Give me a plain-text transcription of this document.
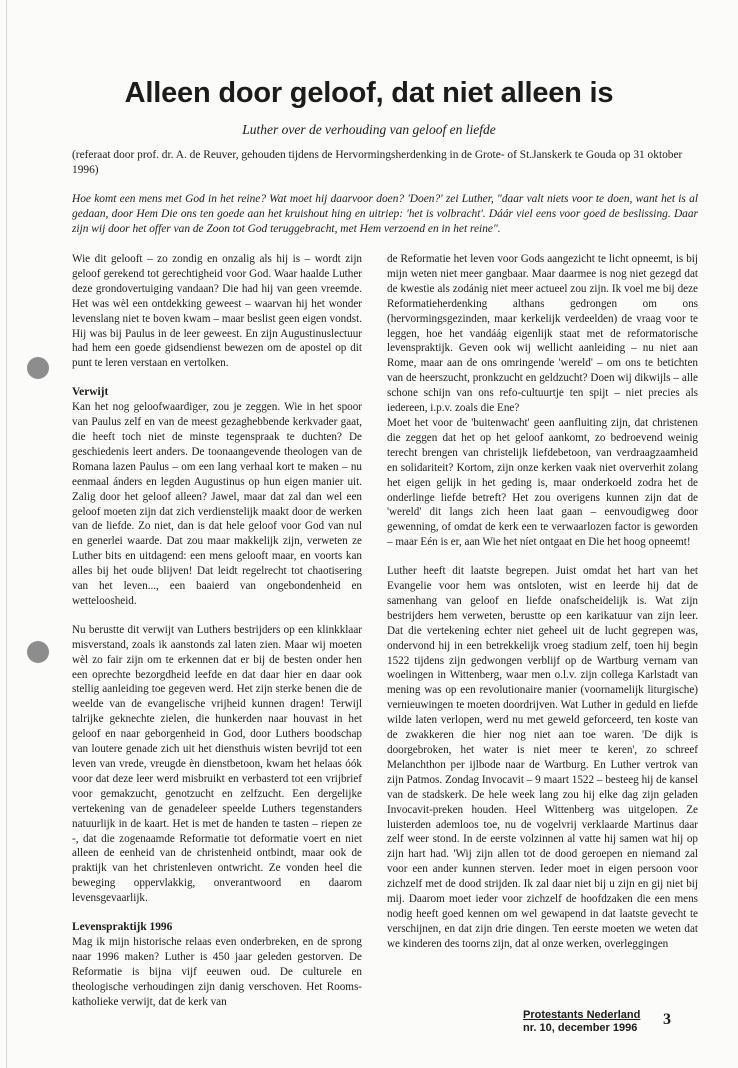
Alleen door geloof, dat niet alleen is

Luther over de verhouding van geloof en liefde

(referaat door prof. dr. A. de Reuver, gehouden tijdens de Hervormingsherdenking in de Grote- of St.Janskerk te Gouda op 31 oktober 1996)

Hoe komt een mens met God in het reine? Wat moet hij daarvoor doen? 'Doen?' zei Luther, "daar valt niets voor te doen, want het is al gedaan, door Hem Die ons ten goede aan het kruishout hing en uitriep: 'het is volbracht'. Dáár viel eens voor goed de beslissing. Daar zijn wij door het offer van de Zoon tot God teruggebracht, met Hem verzoend en in het reine".

Wie dit gelooft – zo zondig en onzalig als hij is – wordt zijn geloof gerekend tot gerechtigheid voor God. Waar haalde Luther deze grondovertuiging vandaan? Die had hij van geen vreemde. Het was wèl een ontdekking geweest – waarvan hij het wonder levenslang niet te boven kwam – maar beslist geen eigen vondst. Hij was bij Paulus in de leer geweest. En zijn Augustinuslectuur had hem een goede gidsendienst bewezen om de apostel op dit punt te leren verstaan en vertolken.

Verwijt

Kan het nog geloofwaardiger, zou je zeggen. Wie in het spoor van Paulus zelf en van de meest gezaghebbende kerkvader gaat, die heeft toch niet de minste tegenspraak te duchten? De geschiedenis leert anders. De toonaangevende theologen van de Romana lazen Paulus – om een lang verhaal kort te maken – nu eenmaal ánders en legden Augustinus op hun eigen manier uit. Zalig door het geloof alleen? Jawel, maar dat zal dan wel een geloof moeten zijn dat zich verdienstelijk maakt door de werken van de liefde. Zo niet, dan is dat hele geloof voor God van nul en generlei waarde. Dat zou maar makkelijk zijn, verweten ze Luther bits en uitdagend: een mens gelooft maar, en voorts kan alles bij het oude blijven! Dat leidt regelrecht tot chaotisering van het leven..., een baaierd van ongebondenheid en wetteloosheid.

Nu berustte dit verwijt van Luthers bestrijders op een klinkklaar misverstand, zoals ik aanstonds zal laten zien. Maar wij moeten wèl zo fair zijn om te erkennen dat er bij de besten onder hen een oprechte bezorgdheid leefde en dat daar hier en daar ook stellig aanleiding toe gegeven werd. Het zijn sterke benen die de weelde van de evangelische vrijheid kunnen dragen! Terwijl talrijke geknechte zielen, die hunkerden naar houvast in het geloof en naar geborgenheid in God, door Luthers boodschap van loutere genade zich uit het diensthuis wisten bevrijd tot een leven van vrede, vreugde èn dienstbetoon, kwam het helaas óók voor dat deze leer werd misbruikt en verbasterd tot een vrijbrief voor gemakzucht, genotzucht en zelfzucht. Een dergelijke vertekening van de genadeleer speelde Luthers tegenstanders natuurlijk in de kaart. Het is met de handen te tasten – riepen ze -, dat die zogenaamde Reformatie tot deformatie voert en niet alleen de eenheid van de christenheid ontbindt, maar ook de praktijk van het christenleven ontwricht. Ze vonden heel die beweging oppervlakkig, onverantwoord en daarom levensgevaarlijk.

Levenspraktijk 1996

Mag ik mijn historische relaas even onderbreken, en de sprong naar 1996 maken? Luther is 450 jaar geleden gestorven. De Reformatie is bijna vijf eeuwen oud. De culturele en theologische verhoudingen zijn danig verschoven. Het Rooms-katholieke verwijt, dat de kerk van

de Reformatie het leven voor Gods aangezicht te licht opneemt, is bij mijn weten niet meer gangbaar. Maar daarmee is nog niet gezegd dat de kwestie als zodánig niet meer actueel zou zijn. Ik voel me bij deze Reformatieherdenking althans gedrongen om ons (hervormingsgezinden, maar kerkelijk verdeelden) de vraag voor te leggen, hoe het vandáág eigenlijk staat met de reformatorische levenspraktijk. Geven ook wij wellicht aanleiding – nu niet aan Rome, maar aan de ons omringende 'wereld' – om ons te betichten van de heerszucht, pronkzucht en geldzucht? Doen wij dikwijls – alle schone schijn van ons refo-cultuurtje ten spijt – niet precies als iedereen, i.p.v. zoals die Ene?

Moet het voor de 'buitenwacht' geen aanfluiting zijn, dat christenen die zeggen dat het op het geloof aankomt, zo bedroevend weinig terecht brengen van christelijk liefdebetoon, van verdraagzaamheid en solidariteit? Kortom, zijn onze kerken vaak niet oververhit zolang het eigen gelijk in het geding is, maar onderkoeld zodra het de onderlinge liefde betreft? Het zou overigens kunnen zijn dat de 'wereld' dit langs zich heen laat gaan – eenvoudigweg door gewenning, of omdat de kerk een te verwaarlozen factor is geworden – maar Eén is er, aan Wie het níet ontgaat en Die het hoog opneemt!

Luther heeft dit laatste begrepen. Juist omdat het hart van het Evangelie voor hem was ontsloten, wist en leerde hij dat de samenhang van geloof en liefde onafscheidelijk is. Wat zijn bestrijders hem verweten, berustte op een karikatuur van zijn leer. Dat die vertekening echter niet geheel uit de lucht gegrepen was, ondervond hij in een betrekkelijk vroeg stadium zelf, toen hij begin 1522 tijdens zijn gedwongen verblijf op de Wartburg vernam van woelingen in Wittenberg, waar men o.l.v. zijn collega Karlstadt van mening was op een revolutionaire manier (voornamelijk liturgische) vernieuwingen te moeten doordrijven. Wat Luther in geduld en liefde wilde laten verlopen, werd nu met geweld geforceerd, ten koste van de zwakkeren die hier nog niet aan toe waren. 'De dijk is doorgebroken, het water is niet meer te keren', zo schreef Melanchthon per ijlbode naar de Wartburg. En Luther vertrok van zijn Patmos. Zondag Invocavit – 9 maart 1522 – besteeg hij de kansel van de stadskerk. De hele week lang zou hij elke dag zijn geladen Invocavit-preken houden. Heel Wittenberg was uitgelopen. Ze luisterden ademloos toe, nu de vogelvrij verklaarde Martinus daar zelf weer stond. In de eerste volzinnen al vatte hij samen wat hij op zijn hart had. 'Wij zijn allen tot de dood geroepen en niemand zal voor een ander kunnen sterven. Ieder moet in eigen persoon voor zichzelf met de dood strijden. Ik zal daar niet bij u zijn en gij niet bij mij. Daarom moet ieder voor zichzelf de hoofdzaken die een mens nodig heeft goed kennen om wel gewapend in dat laatste gevecht te verschijnen, en dat zijn drie dingen. Ten eerste moeten we weten dat we kinderen des toorns zijn, dat al onze werken, overleggingen

Protestants Nederland
nr. 10, december 1996 3
